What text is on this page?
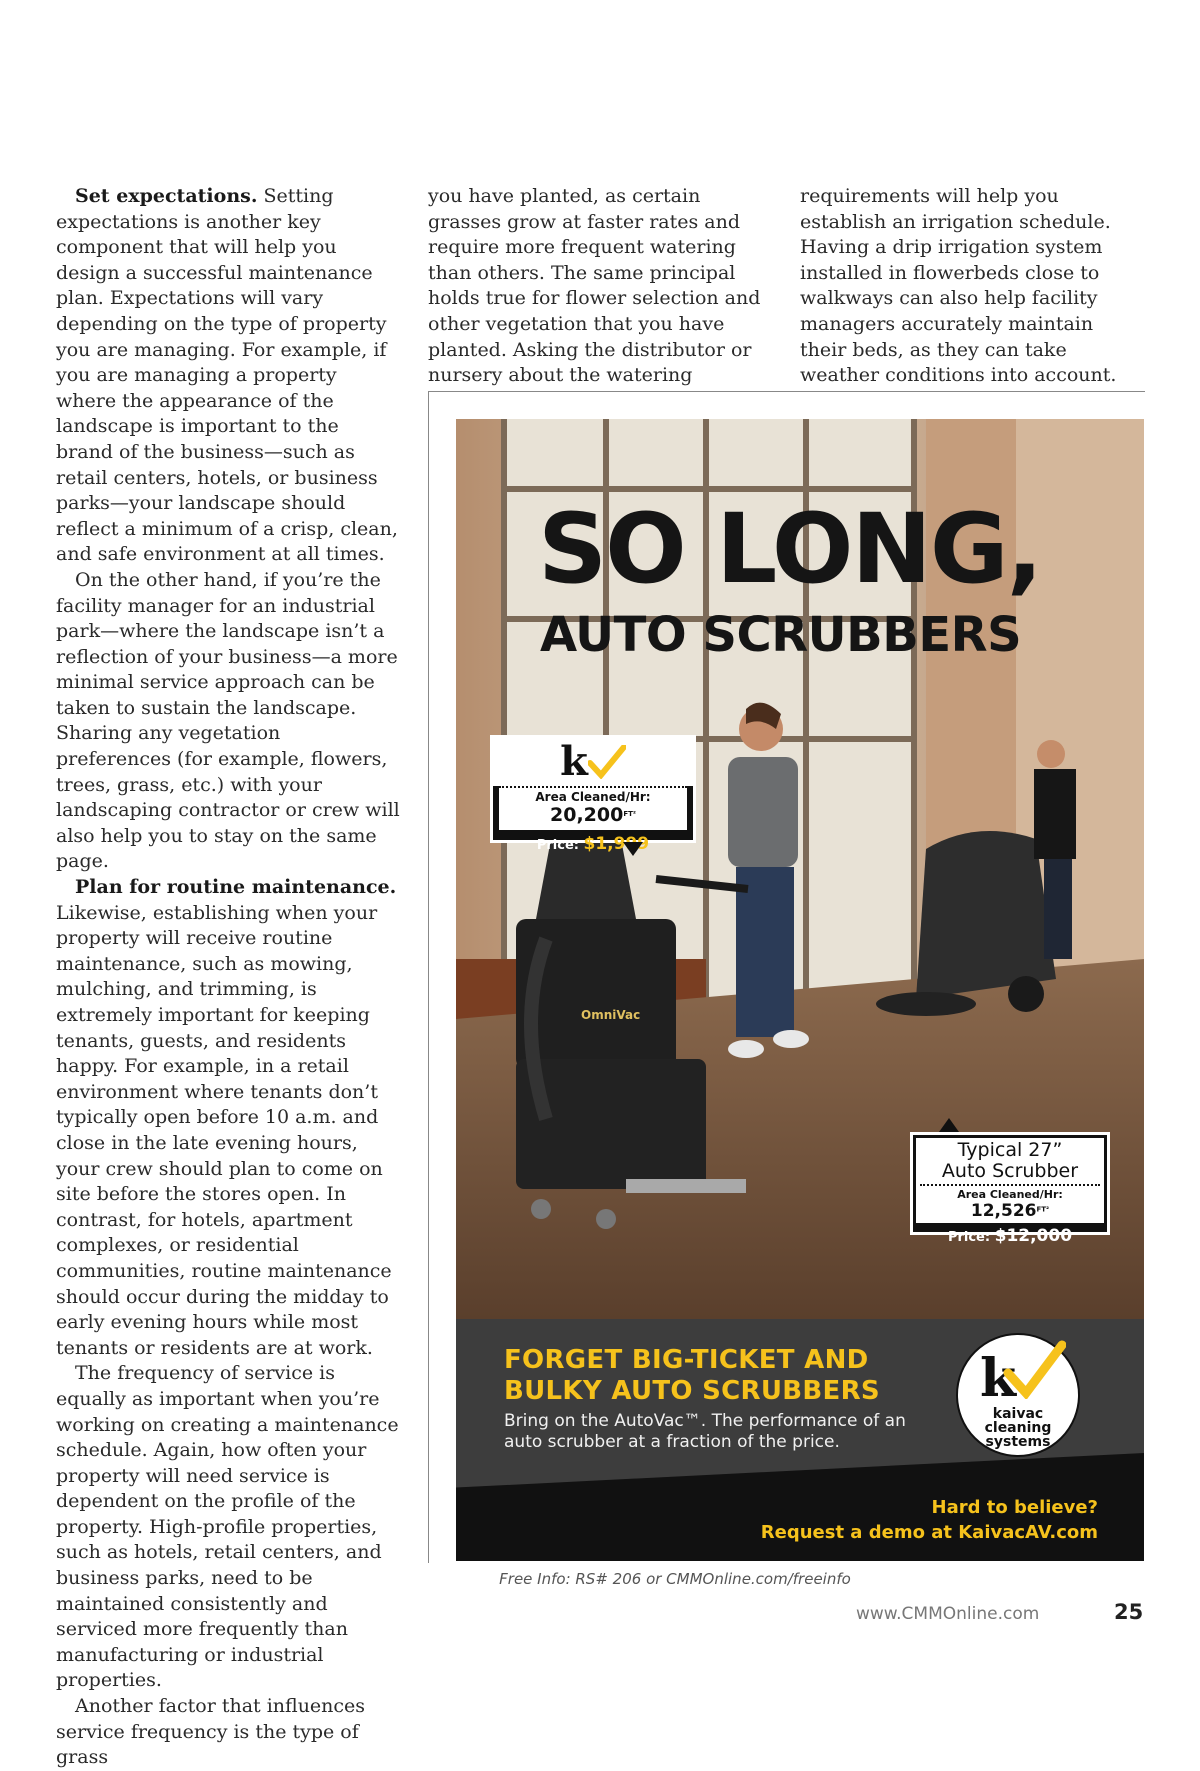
Set expectations. Setting expectations is another key component that will help you design a successful maintenance plan. Expectations will vary depending on the type of property you are managing. For example, if you are managing a property where the appearance of the landscape is important to the brand of the business—such as retail centers, hotels, or business parks—your landscape should reflect a minimum of a crisp, clean, and safe environment at all times.

On the other hand, if you’re the facility manager for an industrial park—where the landscape isn’t a reflection of your business—a more minimal service approach can be taken to sustain the landscape. Sharing any vegetation preferences (for example, flowers, trees, grass, etc.) with your landscaping contractor or crew will also help you to stay on the same page.

Plan for routine maintenance. Likewise, establishing when your property will receive routine maintenance, such as mowing, mulching, and trimming, is extremely important for keeping tenants, guests, and residents happy. For example, in a retail environment where tenants don’t typically open before 10 a.m. and close in the late evening hours, your crew should plan to come on site before the stores open. In contrast, for hotels, apartment complexes, or residential communities, routine maintenance should occur during the midday to early evening hours while most tenants or residents are at work.

The frequency of service is equally as important when you’re working on creating a maintenance schedule. Again, how often your property will need service is dependent on the profile of the property. High-profile properties, such as hotels, retail centers, and business parks, need to be maintained consistently and serviced more frequently than manufacturing or industrial properties.

Another factor that influences service frequency is the type of grass

you have planted, as certain grasses grow at faster rates and require more frequent watering than others. The same principal holds true for flower selection and other vegetation that you have planted. Asking the distributor or nursery about the watering

requirements will help you establish an irrigation schedule. Having a drip irrigation system installed in flowerbeds close to walkways can also help facility managers accurately maintain their beds, as they can take weather conditions into account.

OmniVac
SO LONG,
AUTO SCRUBBERS
k
Area Cleaned/Hr: $20,200^{FT^2}$
Price: $1,999
Typical 27”
Auto Scrubber
Area Cleaned/Hr: $12,526^{FT^2}$
Price: $12,000
FORGET BIG-TICKET AND
BULKY AUTO SCRUBBERS
Bring on the AutoVac™. The performance of an auto scrubber at a fraction of the price.
k
kaivac
cleaning
systems
Hard to believe?
Request a demo at KaivacAV.com
Free Info: RS# 206 or CMMOnline.com/freeinfo
www.CMMOnline.com	25
